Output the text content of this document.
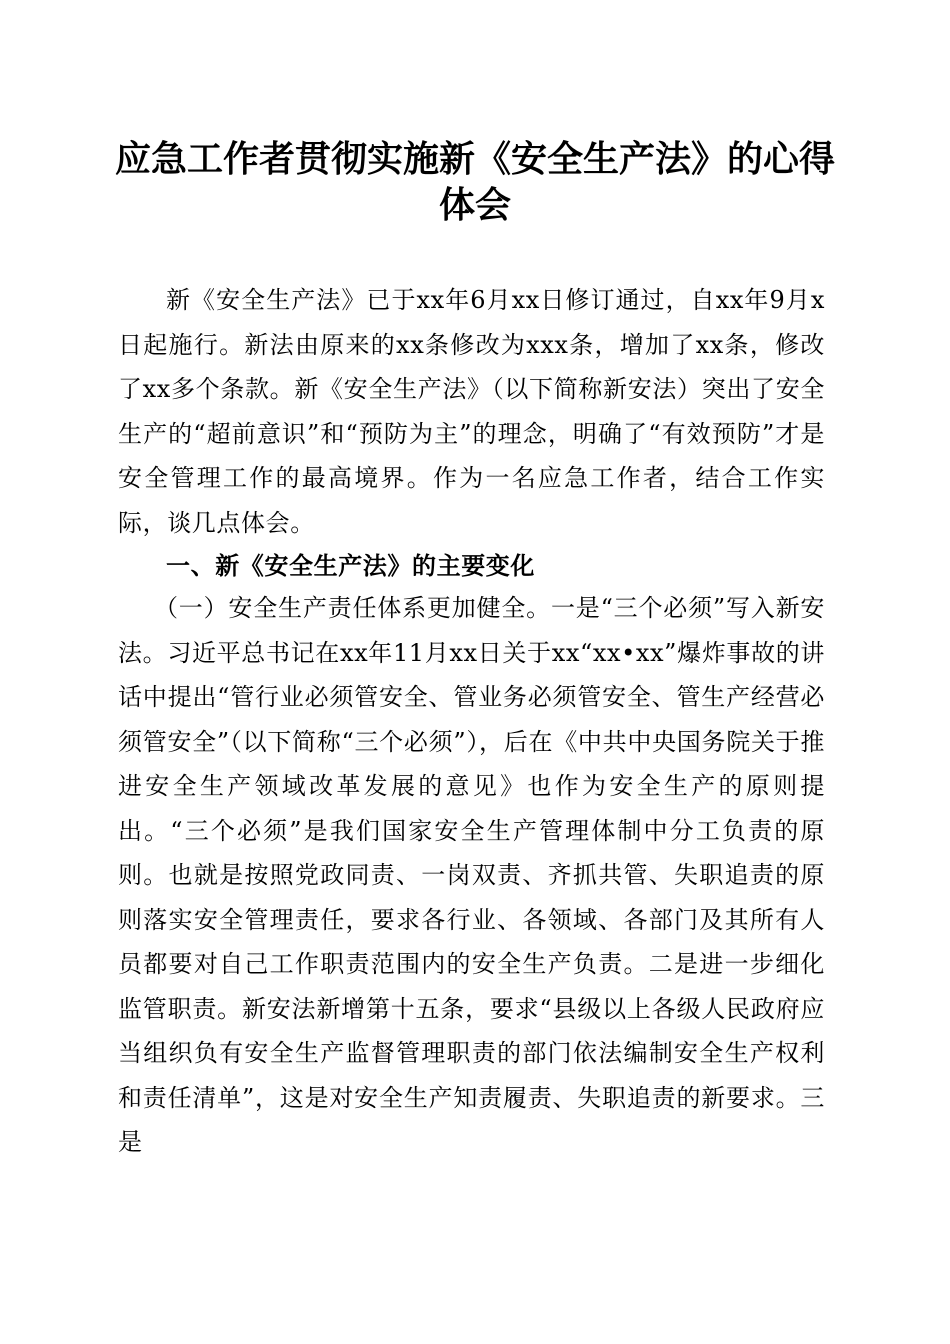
应急工作者贯彻实施新《安全生产法》的心得体会

新《安全生产法》已于xx年6月xx日修订通过，自xx年9月x日起施行。新法由原来的xx条修改为xxx条，增加了xx条，修改了xx多个条款。新《安全生产法》（以下简称新安法）突出了安全生产的“超前意识”和“预防为主”的理念，明确了“有效预防”才是安全管理工作的最高境界。作为一名应急工作者，结合工作实际，谈几点体会。

一、新《安全生产法》的主要变化

（一）安全生产责任体系更加健全。一是“三个必须”写入新安法。习近平总书记在xx年11月xx日关于xx“xx•xx”爆炸事故的讲话中提出“管行业必须管安全、管业务必须管安全、管生产经营必须管安全”（以下简称“三个必须”），后在《中共中央国务院关于推进安全生产领域改革发展的意见》也作为安全生产的原则提出。“三个必须”是我们国家安全生产管理体制中分工负责的原则。也就是按照党政同责、一岗双责、齐抓共管、失职追责的原则落实安全管理责任，要求各行业、各领域、各部门及其所有人员都要对自己工作职责范围内的安全生产负责。二是进一步细化监管职责。新安法新增第十五条，要求“县级以上各级人民政府应当组织负有安全生产监督管理职责的部门依法编制安全生产权利和责任清单”，这是对安全生产知责履责、失职追责的新要求。三是
